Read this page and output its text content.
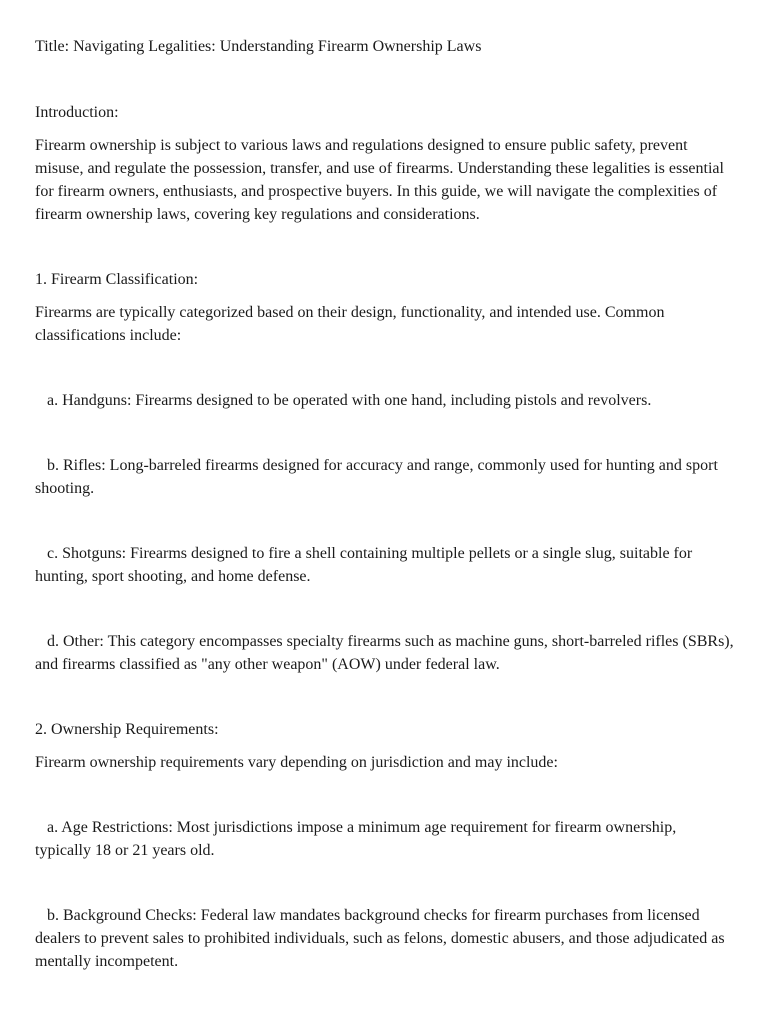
Title: Navigating Legalities: Understanding Firearm Ownership Laws

Introduction:

Firearm ownership is subject to various laws and regulations designed to ensure public safety, prevent misuse, and regulate the possession, transfer, and use of firearms. Understanding these legalities is essential for firearm owners, enthusiasts, and prospective buyers. In this guide, we will navigate the complexities of firearm ownership laws, covering key regulations and considerations.

1. Firearm Classification:

Firearms are typically categorized based on their design, functionality, and intended use. Common classifications include:

a. Handguns: Firearms designed to be operated with one hand, including pistols and revolvers.

b. Rifles: Long-barreled firearms designed for accuracy and range, commonly used for hunting and sport shooting.

c. Shotguns: Firearms designed to fire a shell containing multiple pellets or a single slug, suitable for hunting, sport shooting, and home defense.

d. Other: This category encompasses specialty firearms such as machine guns, short-barreled rifles (SBRs), and firearms classified as "any other weapon" (AOW) under federal law.

2. Ownership Requirements:

Firearm ownership requirements vary depending on jurisdiction and may include:

a. Age Restrictions: Most jurisdictions impose a minimum age requirement for firearm ownership, typically 18 or 21 years old.

b. Background Checks: Federal law mandates background checks for firearm purchases from licensed dealers to prevent sales to prohibited individuals, such as felons, domestic abusers, and those adjudicated as mentally incompetent.
